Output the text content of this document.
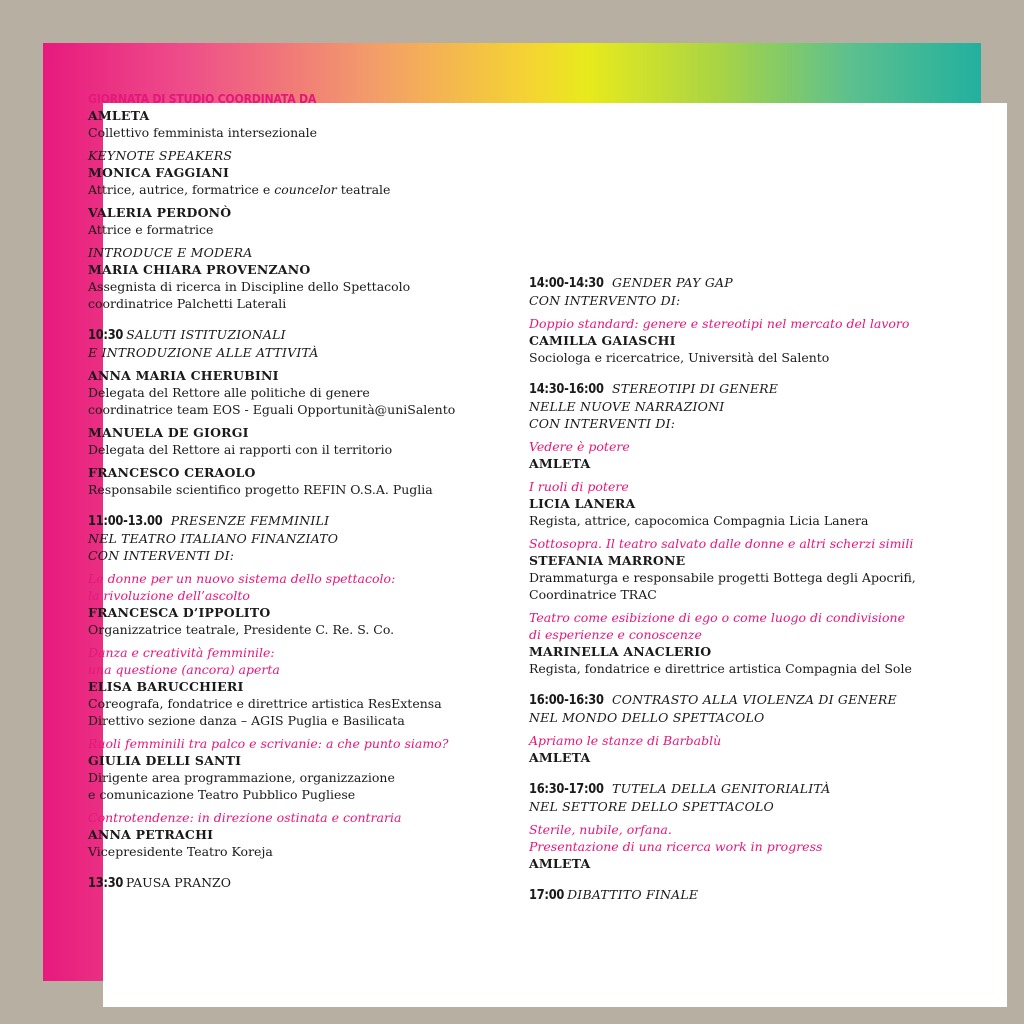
GIORNATA DI STUDIO COORDINATA DA
AMLETA
Collettivo femminista intersezionale
KEYNOTE SPEAKERS
MONICA FAGGIANI
Attrice, autrice, formatrice e councelor teatrale
VALERIA PERDONÒ
Attrice e formatrice
INTRODUCE E MODERA
MARIA CHIARA PROVENZANO
Assegnista di ricerca in Discipline dello Spettacolo
coordinatrice Palchetti Laterali
10:30 SALUTI ISTITUZIONALI
E INTRODUZIONE ALLE ATTIVITÀ
ANNA MARIA CHERUBINI
Delegata del Rettore alle politiche di genere
coordinatrice team EOS - Eguali Opportunità@uniSalento
MANUELA DE GIORGI
Delegata del Rettore ai rapporti con il territorio
FRANCESCO CERAOLO
Responsabile scientifico progetto REFIN O.S.A. Puglia
11:00-13.00 PRESENZE FEMMINILI
NEL TEATRO ITALIANO FINANZIATO
CON INTERVENTI DI:
Le donne per un nuovo sistema dello spettacolo:
la rivoluzione dell’ascolto
FRANCESCA D’IPPOLITO
Organizzatrice teatrale, Presidente C. Re. S. Co.
Danza e creatività femminile:
una questione (ancora) aperta
ELISA BARUCCHIERI
Coreografa, fondatrice e direttrice artistica ResExtensa
Direttivo sezione danza – AGIS Puglia e Basilicata
Ruoli femminili tra palco e scrivanie: a che punto siamo?
GIULIA DELLI SANTI
Dirigente area programmazione, organizzazione
e comunicazione Teatro Pubblico Pugliese
Controtendenze: in direzione ostinata e contraria
ANNA PETRACHI
Vicepresidente Teatro Koreja
13:30 PAUSA PRANZO
14:00-14:30 GENDER PAY GAP
CON INTERVENTO DI:
Doppio standard: genere e stereotipi nel mercato del lavoro
CAMILLA GAIASCHI
Sociologa e ricercatrice, Università del Salento
14:30-16:00 STEREOTIPI DI GENERE
NELLE NUOVE NARRAZIONI
CON INTERVENTI DI:
Vedere è potere
AMLETA
I ruoli di potere
LICIA LANERA
Regista, attrice, capocomica Compagnia Licia Lanera
Sottosopra. Il teatro salvato dalle donne e altri scherzi simili
STEFANIA MARRONE
Drammaturga e responsabile progetti Bottega degli Apocrifi,
Coordinatrice TRAC
Teatro come esibizione di ego o come luogo di condivisione
di esperienze e conoscenze
MARINELLA ANACLERIO
Regista, fondatrice e direttrice artistica Compagnia del Sole
16:00-16:30 CONTRASTO ALLA VIOLENZA DI GENERE
NEL MONDO DELLO SPETTACOLO
Apriamo le stanze di Barbablù
AMLETA
16:30-17:00 TUTELA DELLA GENITORIALITÀ
NEL SETTORE DELLO SPETTACOLO
Sterile, nubile, orfana.
Presentazione di una ricerca work in progress
AMLETA
17:00 DIBATTITO FINALE
